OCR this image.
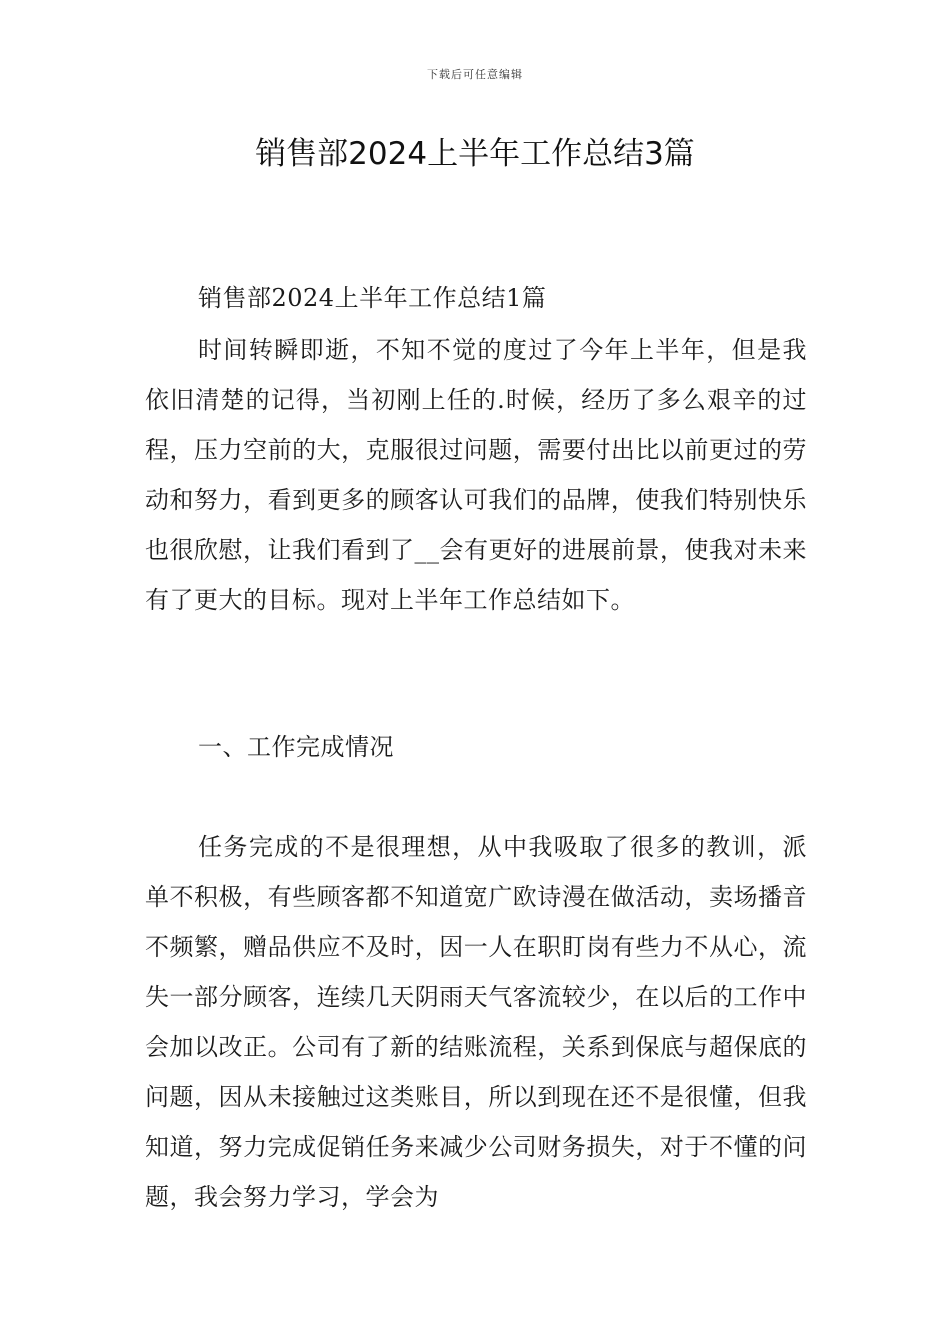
下载后可任意编辑
销售部2024上半年工作总结3篇

销售部2024上半年工作总结1篇

时间转瞬即逝，不知不觉的度过了今年上半年，但是我依旧清楚的记得，当初刚上任的.时候，经历了多么艰辛的过程，压力空前的大，克服很过问题，需要付出比以前更过的劳动和努力，看到更多的顾客认可我们的品牌，使我们特别快乐也很欣慰，让我们看到了__会有更好的进展前景，使我对未来有了更大的目标。现对上半年工作总结如下。

一、工作完成情况

任务完成的不是很理想，从中我吸取了很多的教训，派单不积极，有些顾客都不知道宽广欧诗漫在做活动，卖场播音不频繁，赠品供应不及时，因一人在职盯岗有些力不从心，流失一部分顾客，连续几天阴雨天气客流较少，在以后的工作中会加以改正。公司有了新的结账流程，关系到保底与超保底的问题，因从未接触过这类账目，所以到现在还不是很懂，但我知道，努力完成促销任务来减少公司财务损失，对于不懂的问题，我会努力学习，学会为
